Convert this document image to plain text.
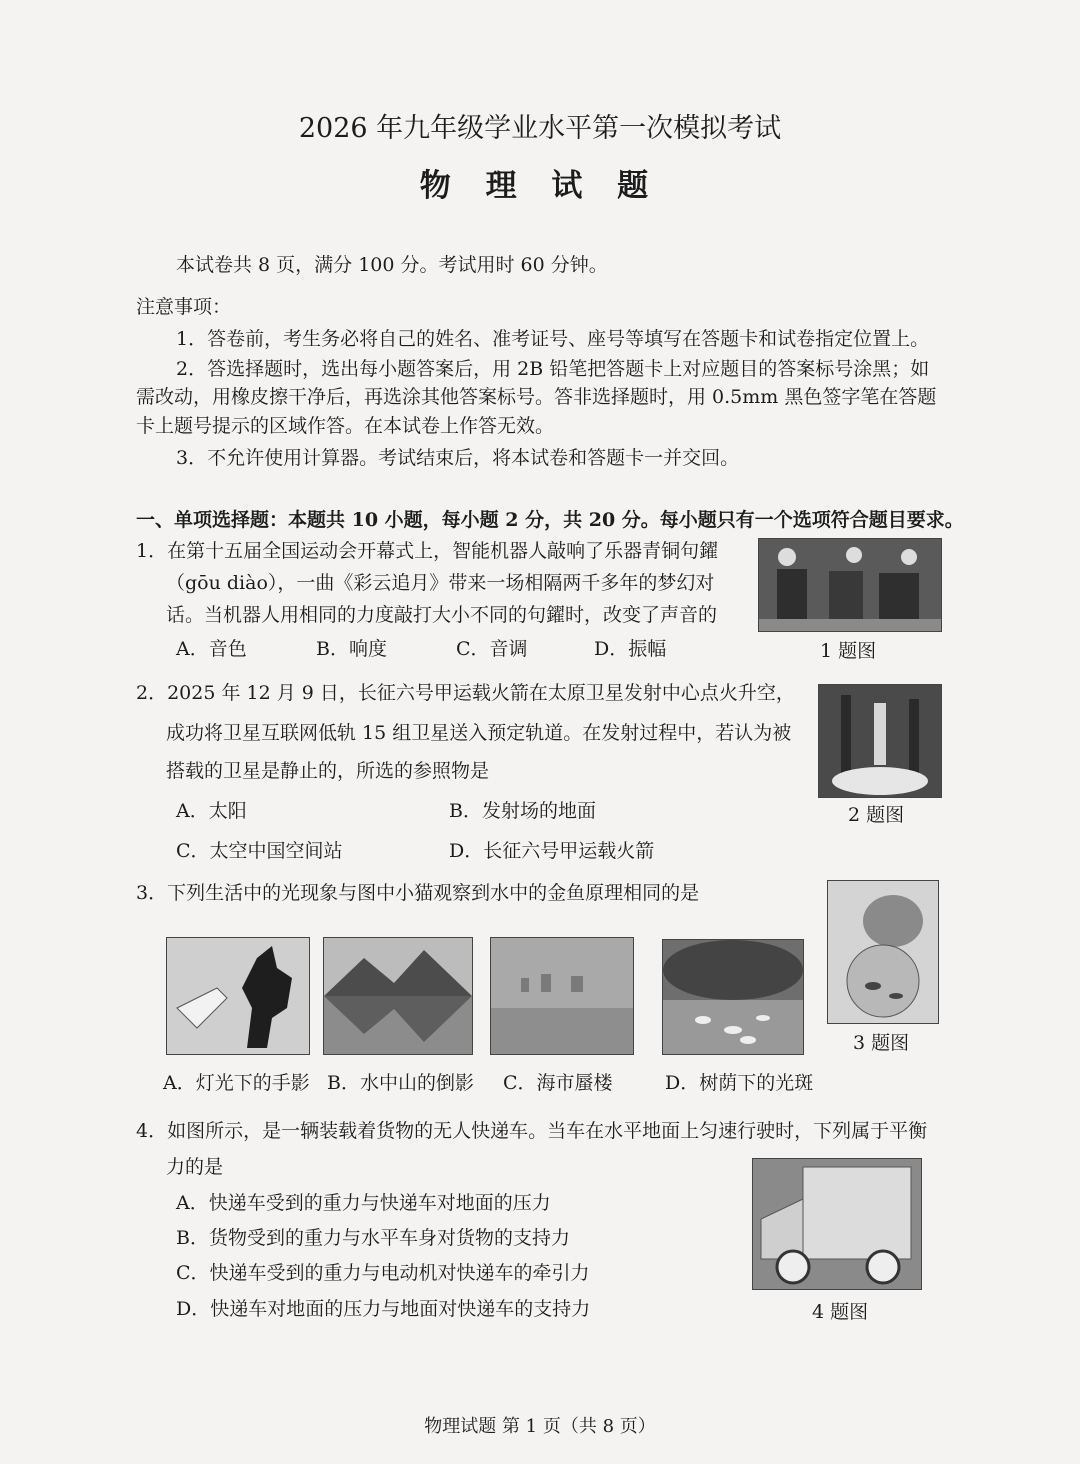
2026 年九年级学业水平第一次模拟考试
物 理 试 题
本试卷共 8 页，满分 100 分。考试用时 60 分钟。
注意事项：
1．答卷前，考生务必将自己的姓名、准考证号、座号等填写在答题卡和试卷指定位置上。
2．答选择题时，选出每小题答案后，用 2B 铅笔把答题卡上对应题目的答案标号涂黑；如
需改动，用橡皮擦干净后，再选涂其他答案标号。答非选择题时，用 0.5mm 黑色签字笔在答题
卡上题号提示的区域作答。在本试卷上作答无效。
3．不允许使用计算器。考试结束后，将本试卷和答题卡一并交回。
一、单项选择题：本题共 10 小题，每小题 2 分，共 20 分。每小题只有一个选项符合题目要求。
1．在第十五届全国运动会开幕式上，智能机器人敲响了乐器青铜句鑃
（gōu diào），一曲《彩云追月》带来一场相隔两千多年的梦幻对
话。当机器人用相同的力度敲打大小不同的句鑃时，改变了声音的
A．音色	B．响度	C．音调	D．振幅	1 题图
2．2025 年 12 月 9 日，长征六号甲运载火箭在太原卫星发射中心点火升空，
成功将卫星互联网低轨 15 组卫星送入预定轨道。在发射过程中，若认为被
搭载的卫星是静止的，所选的参照物是
A．太阳	B．发射场的地面
C．太空中国空间站	D．长征六号甲运载火箭
2 题图
3．下列生活中的光现象与图中小猫观察到水中的金鱼原理相同的是
3 题图
A．灯光下的手影 B．水中山的倒影 C．海市蜃楼	D．树荫下的光斑
4．如图所示，是一辆装载着货物的无人快递车。当车在水平地面上匀速行驶时，下列属于平衡
力的是
A．快递车受到的重力与快递车对地面的压力
B．货物受到的重力与水平车身对货物的支持力
C．快递车受到的重力与电动机对快递车的牵引力
D．快递车对地面的压力与地面对快递车的支持力	4 题图
物理试题 第 1 页（共 8 页）
